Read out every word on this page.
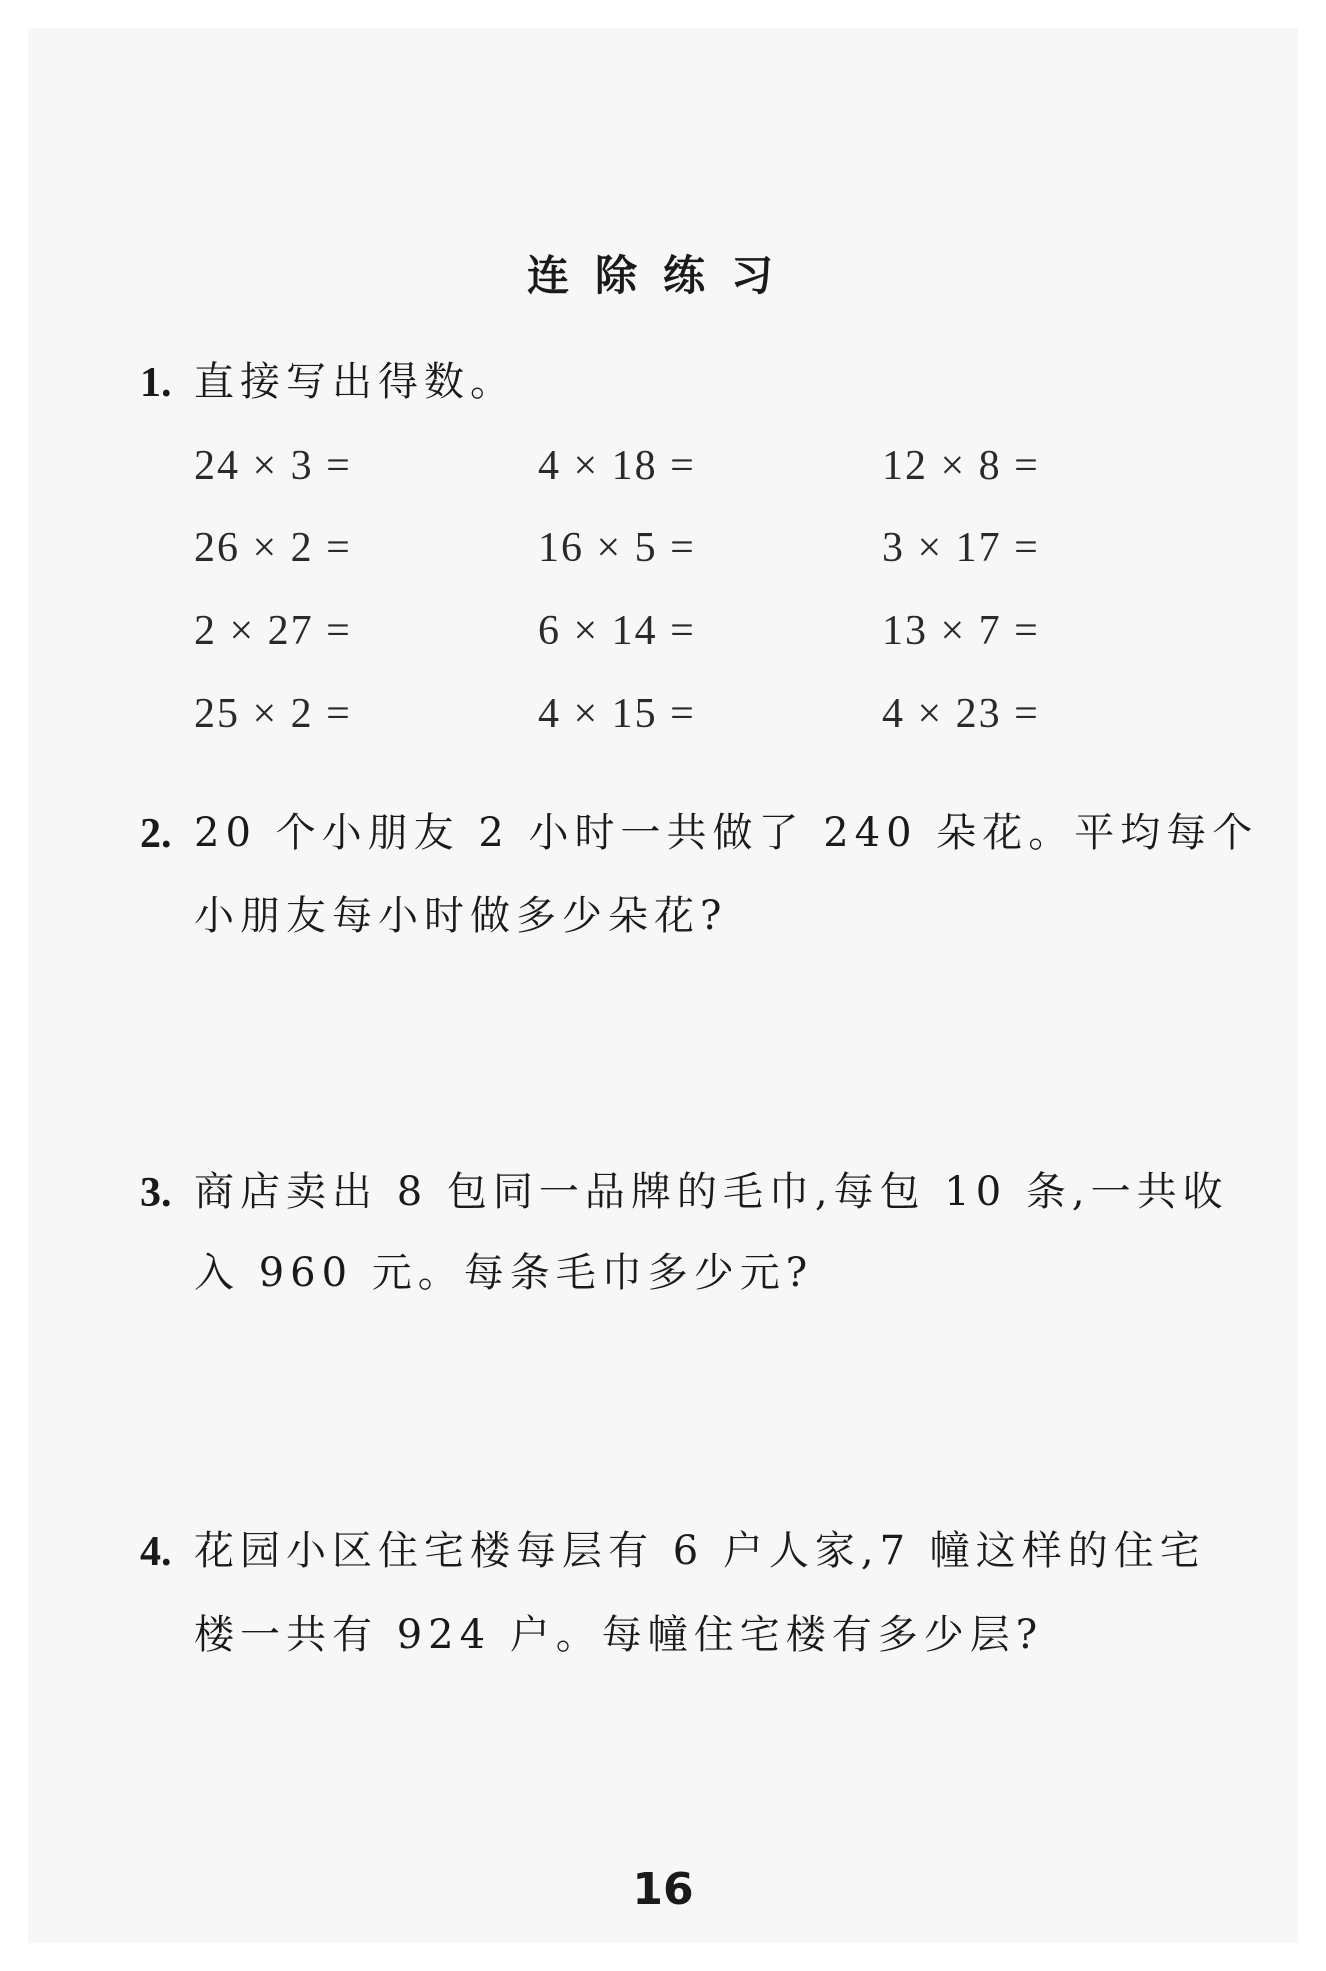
连除练习
1. 直接写出得数。
24 × 3 =	4 × 18 =	12 × 8 =
26 × 2 =	16 × 5 =	3 × 17 =
2 × 27 =	6 × 14 =	13 × 7 =
25 × 2 =	4 × 15 =	4 × 23 =
2. 20 个小朋友 2 小时一共做了 240 朵花。平均每个
小朋友每小时做多少朵花?
3. 商店卖出 8 包同一品牌的毛巾,每包 10 条,一共收
入 960 元。每条毛巾多少元?
4. 花园小区住宅楼每层有 6 户人家,7 幢这样的住宅
楼一共有 924 户。每幢住宅楼有多少层?
16
